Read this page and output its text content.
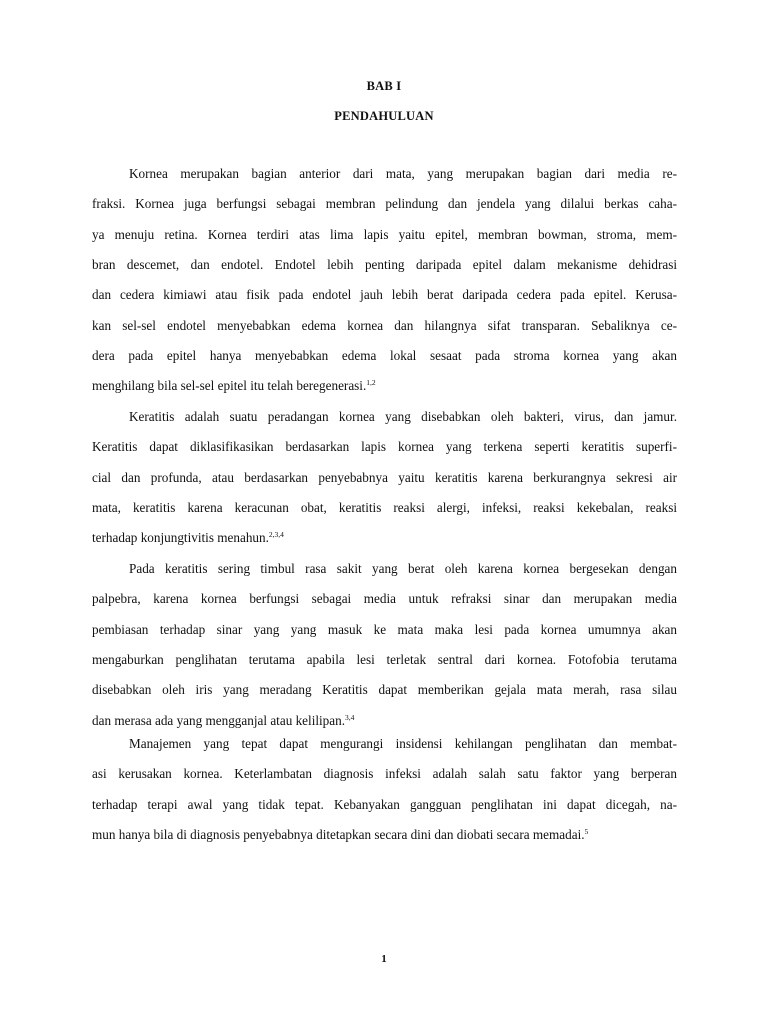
BAB I
PENDAHULUAN
Kornea merupakan bagian anterior dari mata, yang merupakan bagian dari media re-
fraksi. Kornea juga berfungsi sebagai membran pelindung dan jendela yang dilalui berkas caha-
ya menuju retina. Kornea terdiri atas lima lapis yaitu epitel, membran bowman, stroma, mem-
bran descemet, dan endotel. Endotel lebih penting daripada epitel dalam mekanisme dehidrasi
dan cedera kimiawi atau fisik pada endotel jauh lebih berat daripada cedera pada epitel. Kerusa-
kan sel-sel endotel menyebabkan edema kornea dan hilangnya sifat transparan. Sebaliknya ce-
dera pada epitel hanya menyebabkan edema lokal sesaat pada stroma kornea yang akan
menghilang bila sel-sel epitel itu telah beregenerasi.$^{1,2}$
Keratitis adalah suatu peradangan kornea yang disebabkan oleh bakteri, virus, dan jamur.
Keratitis dapat diklasifikasikan berdasarkan lapis kornea yang terkena seperti keratitis superfi-
cial dan profunda, atau berdasarkan penyebabnya yaitu keratitis karena berkurangnya sekresi air
mata, keratitis karena keracunan obat, keratitis reaksi alergi, infeksi, reaksi kekebalan, reaksi
terhadap konjungtivitis menahun.$^{2,3,4}$
Pada keratitis sering timbul rasa sakit yang berat oleh karena kornea bergesekan dengan
palpebra, karena kornea berfungsi sebagai media untuk refraksi sinar dan merupakan media
pembiasan terhadap sinar yang yang masuk ke mata maka lesi pada kornea umumnya akan
mengaburkan penglihatan terutama apabila lesi terletak sentral dari kornea. Fotofobia terutama
disebabkan oleh iris yang meradang Keratitis dapat memberikan gejala mata merah, rasa silau
dan merasa ada yang mengganjal atau kelilipan.$^{3,4}$
Manajemen yang tepat dapat mengurangi insidensi kehilangan penglihatan dan membat-
asi kerusakan kornea. Keterlambatan diagnosis infeksi adalah salah satu faktor yang berperan
terhadap terapi awal yang tidak tepat. Kebanyakan gangguan penglihatan ini dapat dicegah, na-
mun hanya bila di diagnosis penyebabnya ditetapkan secara dini dan diobati secara memadai.$^5$
1
